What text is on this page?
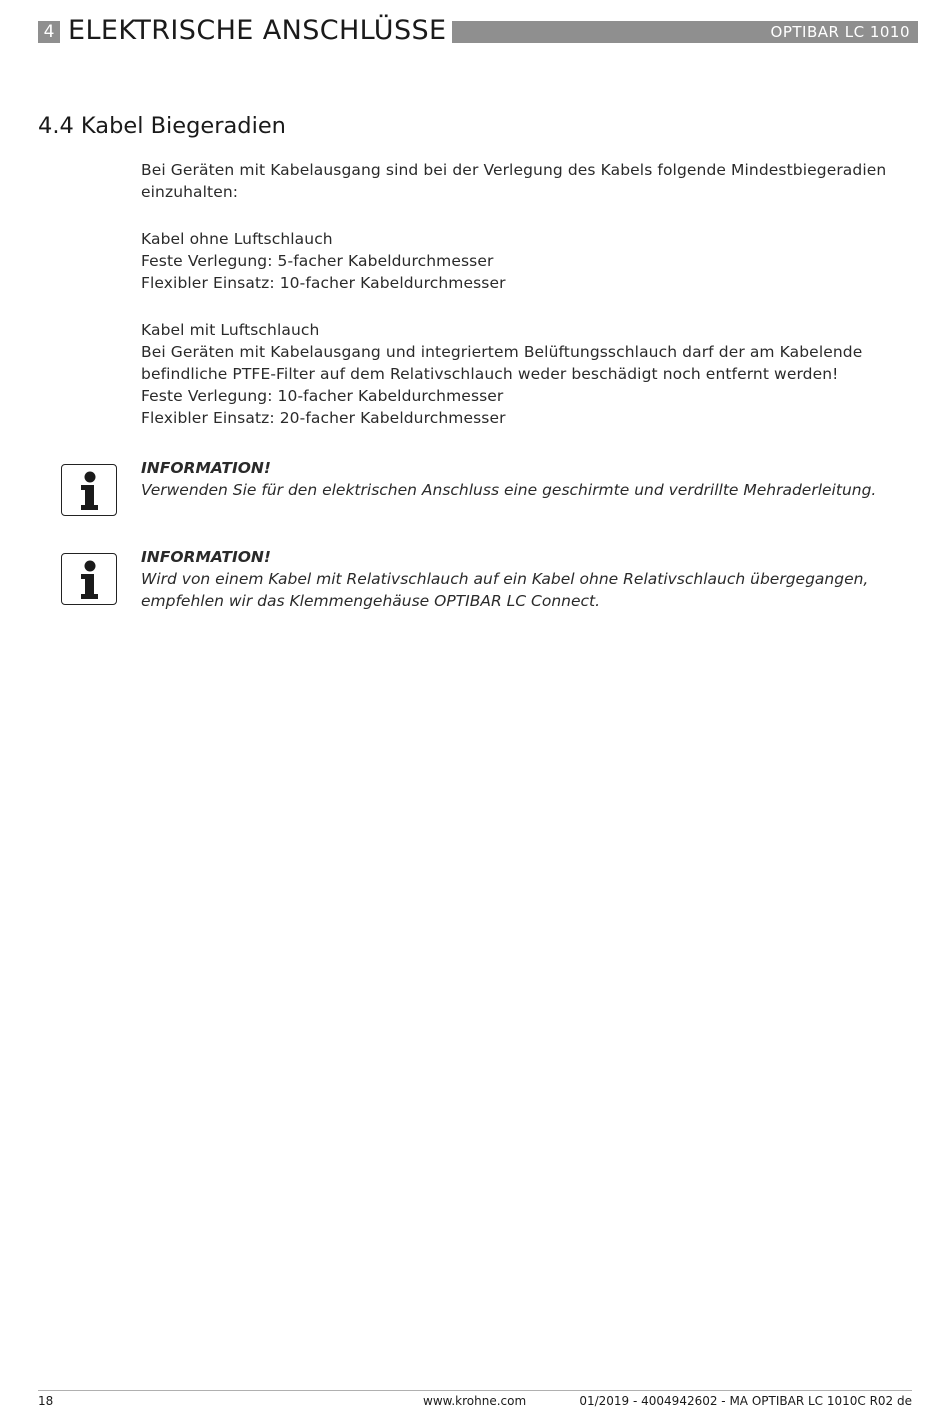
4 ELEKTRISCHE ANSCHLÜSSE	OPTIBAR LC 1010
4.4 Kabel Biegeradien
Bei Geräten mit Kabelausgang sind bei der Verlegung des Kabels folgende Mindestbiegeradien
einzuhalten:
Kabel ohne Luftschlauch
Feste Verlegung: 5-facher Kabeldurchmesser
Flexibler Einsatz: 10-facher Kabeldurchmesser
Kabel mit Luftschlauch
Bei Geräten mit Kabelausgang und integriertem Belüftungsschlauch darf der am Kabelende
befindliche PTFE-Filter auf dem Relativschlauch weder beschädigt noch entfernt werden!
Feste Verlegung: 10-facher Kabeldurchmesser
Flexibler Einsatz: 20-facher Kabeldurchmesser
INFORMATION!
Verwenden Sie für den elektrischen Anschluss eine geschirmte und verdrillte Mehraderleitung.
INFORMATION!
Wird von einem Kabel mit Relativschlauch auf ein Kabel ohne Relativschlauch übergegangen,
empfehlen wir das Klemmengehäuse OPTIBAR LC Connect.
18	www.krohne.com	01/2019 - 4004942602 - MA OPTIBAR LC 1010C R02 de
